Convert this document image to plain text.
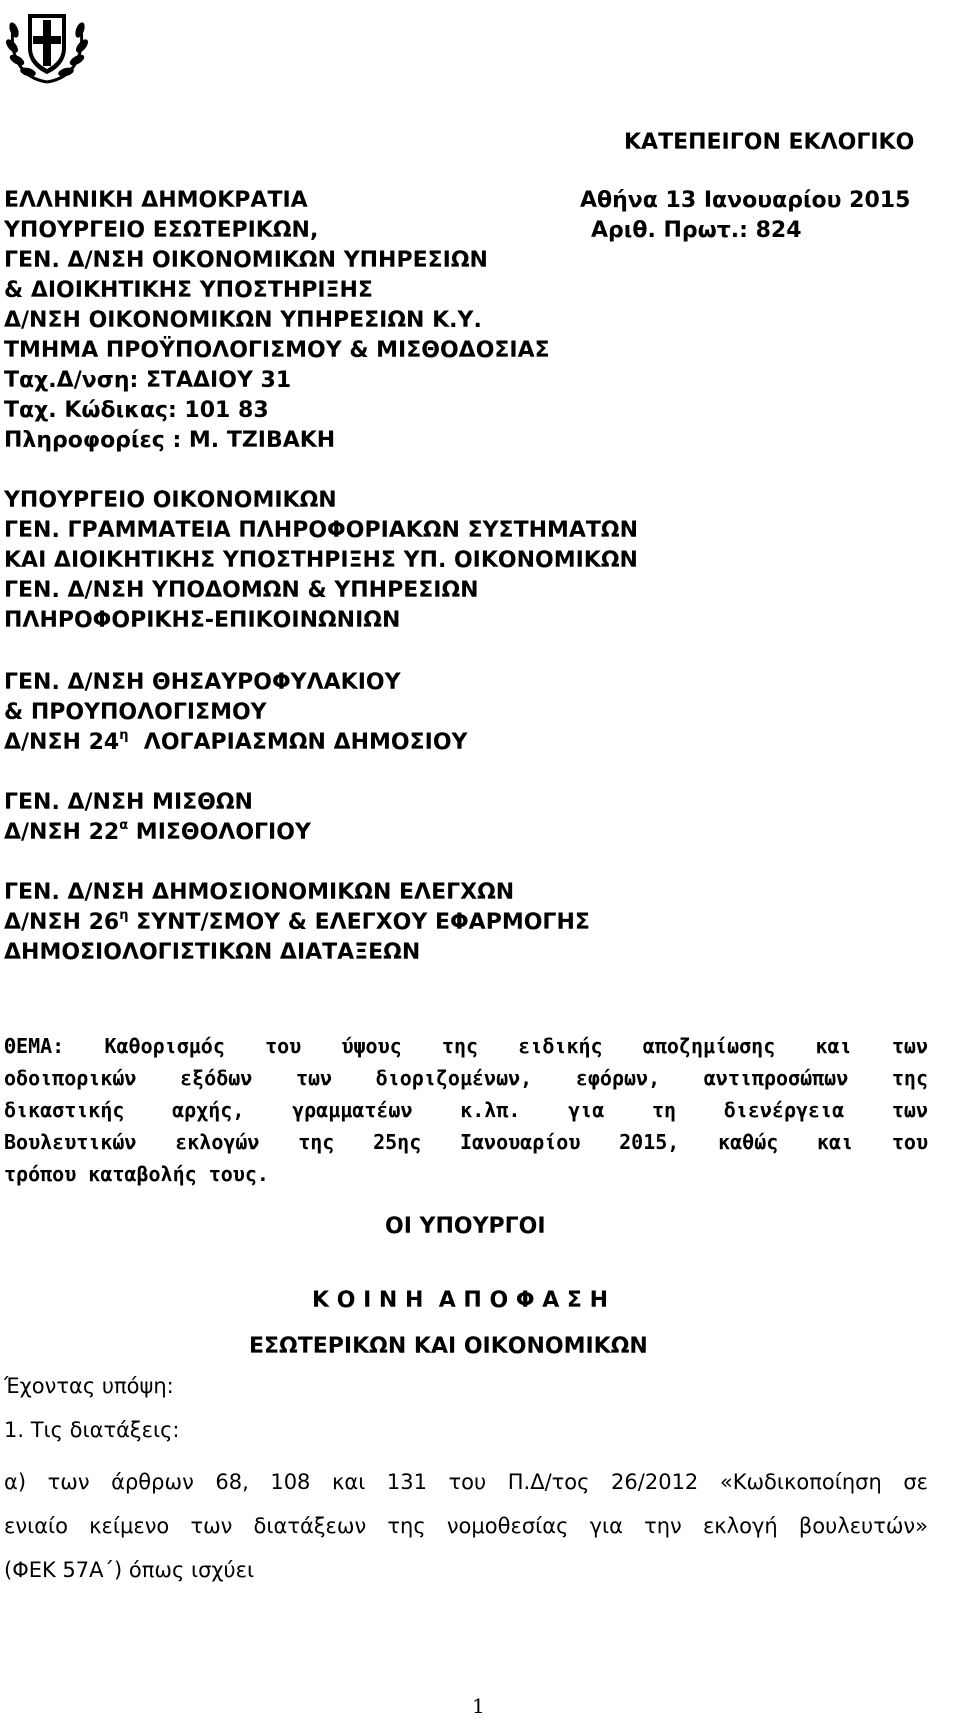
ΚΑΤΕΠΕΙΓΟΝ ΕΚΛΟΓΙΚΟ
ΕΛΛΗΝΙΚΗ ΔΗΜΟΚΡΑΤΙΑ
ΥΠΟΥΡΓΕΙΟ ΕΣΩΤΕΡΙΚΩΝ,
ΓΕΝ. Δ/ΝΣΗ ΟΙΚΟΝΟΜΙΚΩΝ ΥΠΗΡΕΣΙΩΝ
& ΔΙΟΙΚΗΤΙΚΗΣ ΥΠΟΣΤΗΡΙΞΗΣ
Δ/ΝΣΗ ΟΙΚΟΝΟΜΙΚΩΝ ΥΠΗΡΕΣΙΩΝ Κ.Υ.
ΤΜΗΜΑ ΠΡΟΫΠΟΛΟΓΙΣΜΟΥ & ΜΙΣΘΟΔΟΣΙΑΣ
Ταχ.Δ/νση: ΣΤΑΔΙΟΥ 31
Ταχ. Κώδικας: 101 83
Πληροφορίες : Μ. ΤΖΙΒΑΚΗ
Αθήνα 13 Ιανουαρίου 2015
Αριθ. Πρωτ.: 824
ΥΠΟΥΡΓΕΙΟ ΟΙΚΟΝΟΜΙΚΩΝ
ΓΕΝ. ΓΡΑΜΜΑΤΕΙΑ ΠΛΗΡΟΦΟΡΙΑΚΩΝ ΣΥΣΤΗΜΑΤΩΝ
ΚΑΙ ΔΙΟΙΚΗΤΙΚΗΣ ΥΠΟΣΤΗΡΙΞΗΣ ΥΠ. ΟΙΚΟΝΟΜΙΚΩΝ
ΓΕΝ. Δ/ΝΣΗ ΥΠΟΔΟΜΩΝ & ΥΠΗΡΕΣΙΩΝ
ΠΛΗΡΟΦΟΡΙΚΗΣ-ΕΠΙΚΟΙΝΩΝΙΩΝ
ΓΕΝ. Δ/ΝΣΗ ΘΗΣΑΥΡΟΦΥΛΑΚΙΟΥ
& ΠΡΟΥΠΟΛΟΓΙΣΜΟΥ
Δ/ΝΣΗ $24^\eta$  ΛΟΓΑΡΙΑΣΜΩΝ ΔΗΜΟΣΙΟΥ
ΓΕΝ. Δ/ΝΣΗ ΜΙΣΘΩΝ
Δ/ΝΣΗ $22^\alpha$ ΜΙΣΘΟΛΟΓΙΟΥ
ΓΕΝ. Δ/ΝΣΗ ΔΗΜΟΣΙΟΝΟΜΙΚΩΝ ΕΛΕΓΧΩΝ
Δ/ΝΣΗ $26^\eta$ ΣΥΝΤ/ΣΜΟΥ & ΕΛΕΓΧΟΥ ΕΦΑΡΜΟΓΗΣ
ΔΗΜΟΣΙΟΛΟΓΙΣΤΙΚΩΝ ΔΙΑΤΑΞΕΩΝ
ΘΕΜΑ: Καθορισμός του ύψους της ειδικής αποζημίωσης και των
οδοιπορικών εξόδων των διοριζομένων, εφόρων, αντιπροσώπων της
δικαστικής αρχής, γραμματέων κ.λπ. για τη διενέργεια των
Βουλευτικών εκλογών της 25ης Ιανουαρίου 2015, καθώς και του
τρόπου καταβολής τους.
ΟΙ ΥΠΟΥΡΓΟΙ
Κ Ο Ι Ν Η  Α Π Ο Φ Α Σ Η
ΕΣΩΤΕΡΙΚΩΝ ΚΑΙ ΟΙΚΟΝΟΜΙΚΩΝ
Έχοντας υπόψη:
1. Τις διατάξεις:
α) των άρθρων 68, 108 και 131 του Π.Δ/τος 26/2012 «Κωδικοποίηση σε
ενιαίο κείμενο των διατάξεων της νομοθεσίας για την εκλογή βουλευτών»
(ΦΕΚ 57Α΄) όπως ισχύει
1
